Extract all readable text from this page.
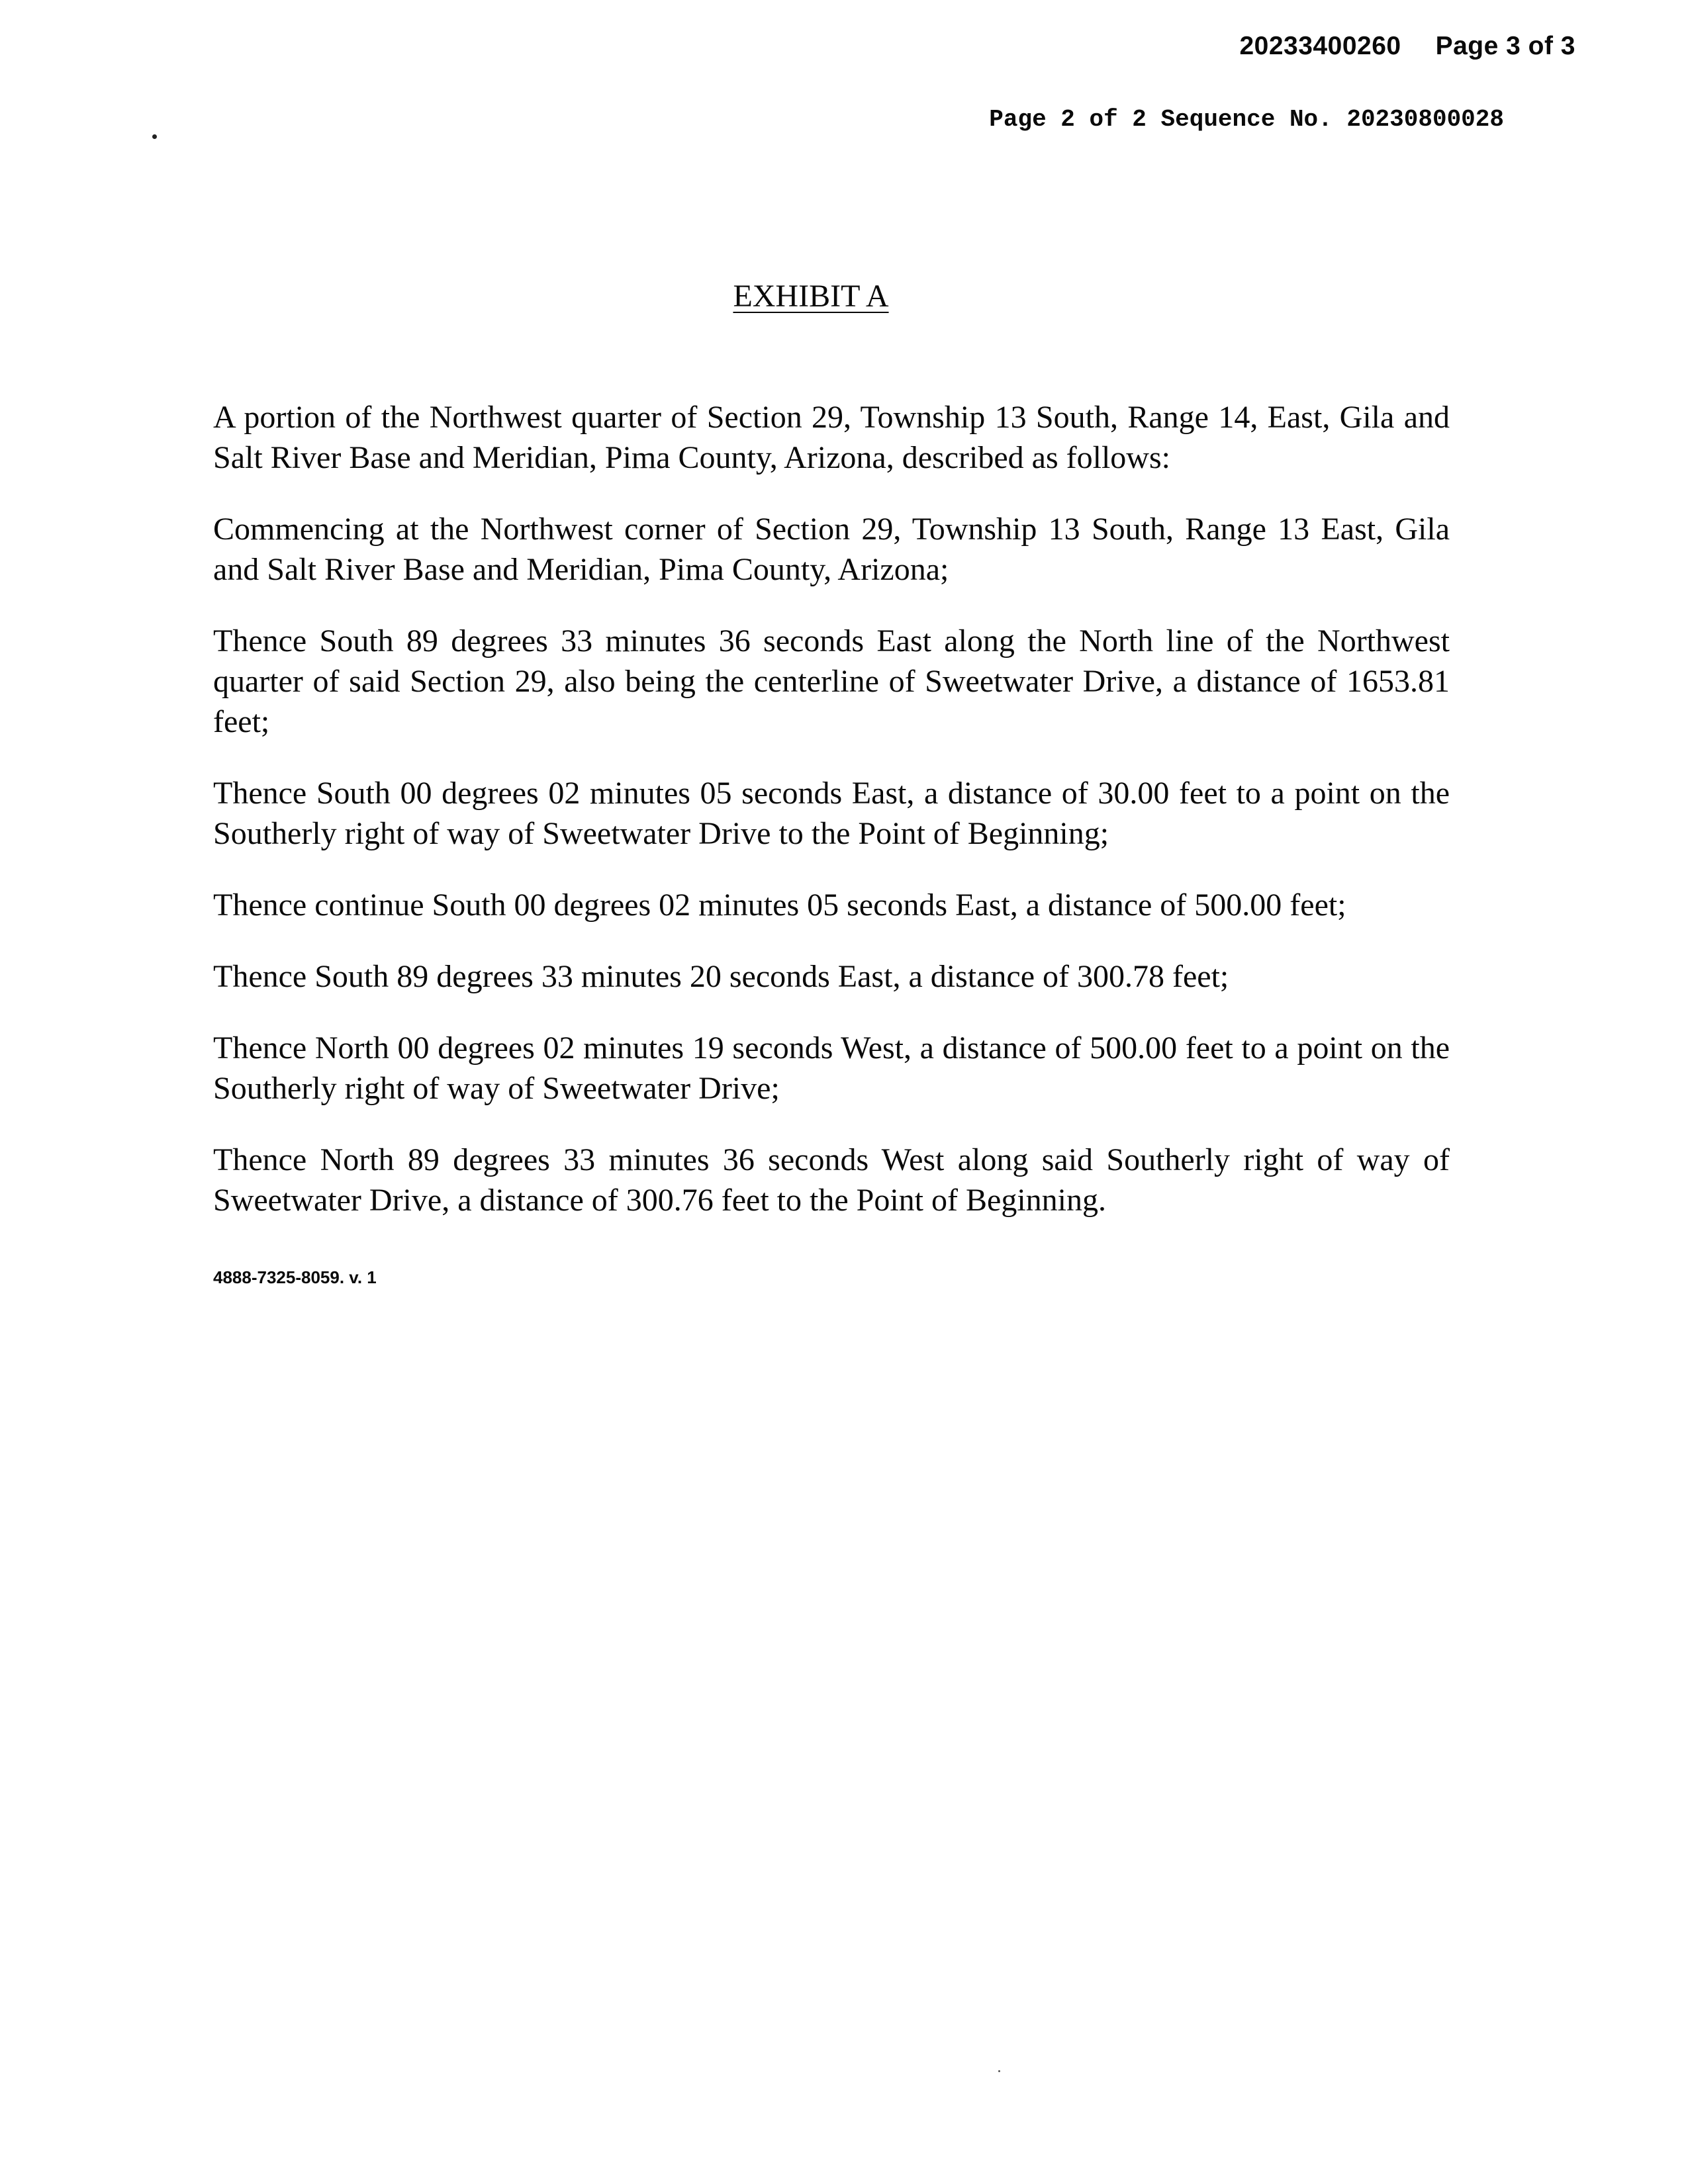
20233400260 Page 3 of 3
Page 2 of 2 Sequence No. 20230800028
EXHIBIT A

A portion of the Northwest quarter of Section 29, Township 13 South, Range 14, East, Gila and Salt River Base and Meridian, Pima County, Arizona, described as follows:

Commencing at the Northwest corner of Section 29, Township 13 South, Range 13 East, Gila and Salt River Base and Meridian, Pima County, Arizona;

Thence South 89 degrees 33 minutes 36 seconds East along the North line of the Northwest quarter of said Section 29, also being the centerline of Sweetwater Drive, a distance of 1653.81 feet;

Thence South 00 degrees 02 minutes 05 seconds East, a distance of 30.00 feet to a point on the Southerly right of way of Sweetwater Drive to the Point of Beginning;

Thence continue South 00 degrees 02 minutes 05 seconds East, a distance of 500.00 feet;

Thence South 89 degrees 33 minutes 20 seconds East, a distance of 300.78 feet;

Thence North 00 degrees 02 minutes 19 seconds West, a distance of 500.00 feet to a point on the Southerly right of way of Sweetwater Drive;

Thence North 89 degrees 33 minutes 36 seconds West along said Southerly right of way of Sweetwater Drive, a distance of 300.76 feet to the Point of Beginning.

4888-7325-8059. v. 1
